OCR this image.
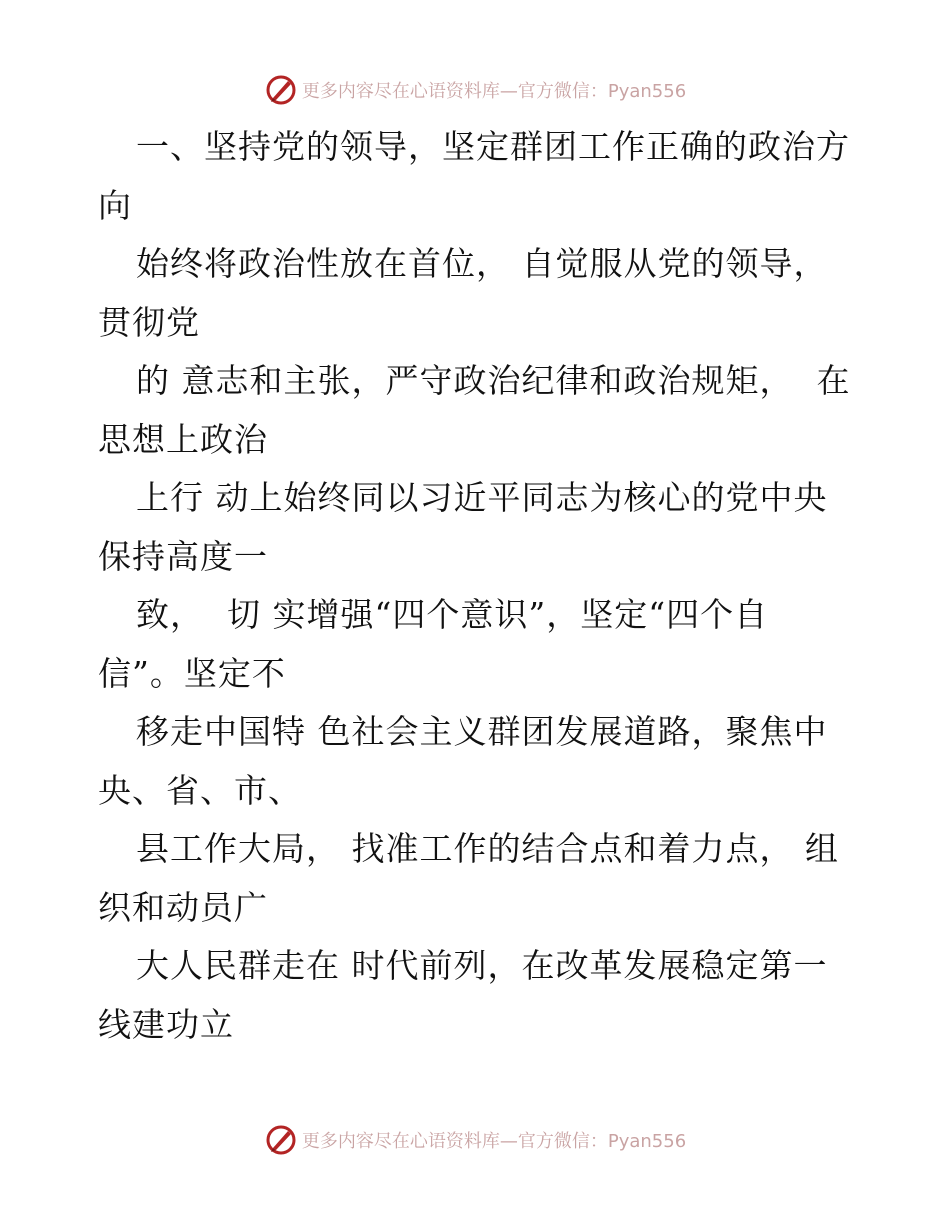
更多内容尽在心语资料库—官方微信：Pyan556
一、坚持党的领导，坚定群团工作正确的政治方
向
始终将政治性放在首位， 自觉服从党的领导，
贯彻党
的 意志和主张，严守政治纪律和政治规矩，  在
思想上政治
上行 动上始终同以习近平同志为核心的党中央
保持高度一
致，  切 实增强“四个意识”，坚定“四个自
信”。坚定不
移走中国特 色社会主义群团发展道路，聚焦中
央、省、市、
县工作大局， 找准工作的结合点和着力点， 组
织和动员广
大人民群走在 时代前列，在改革发展稳定第一
线建功立
更多内容尽在心语资料库—官方微信：Pyan556
